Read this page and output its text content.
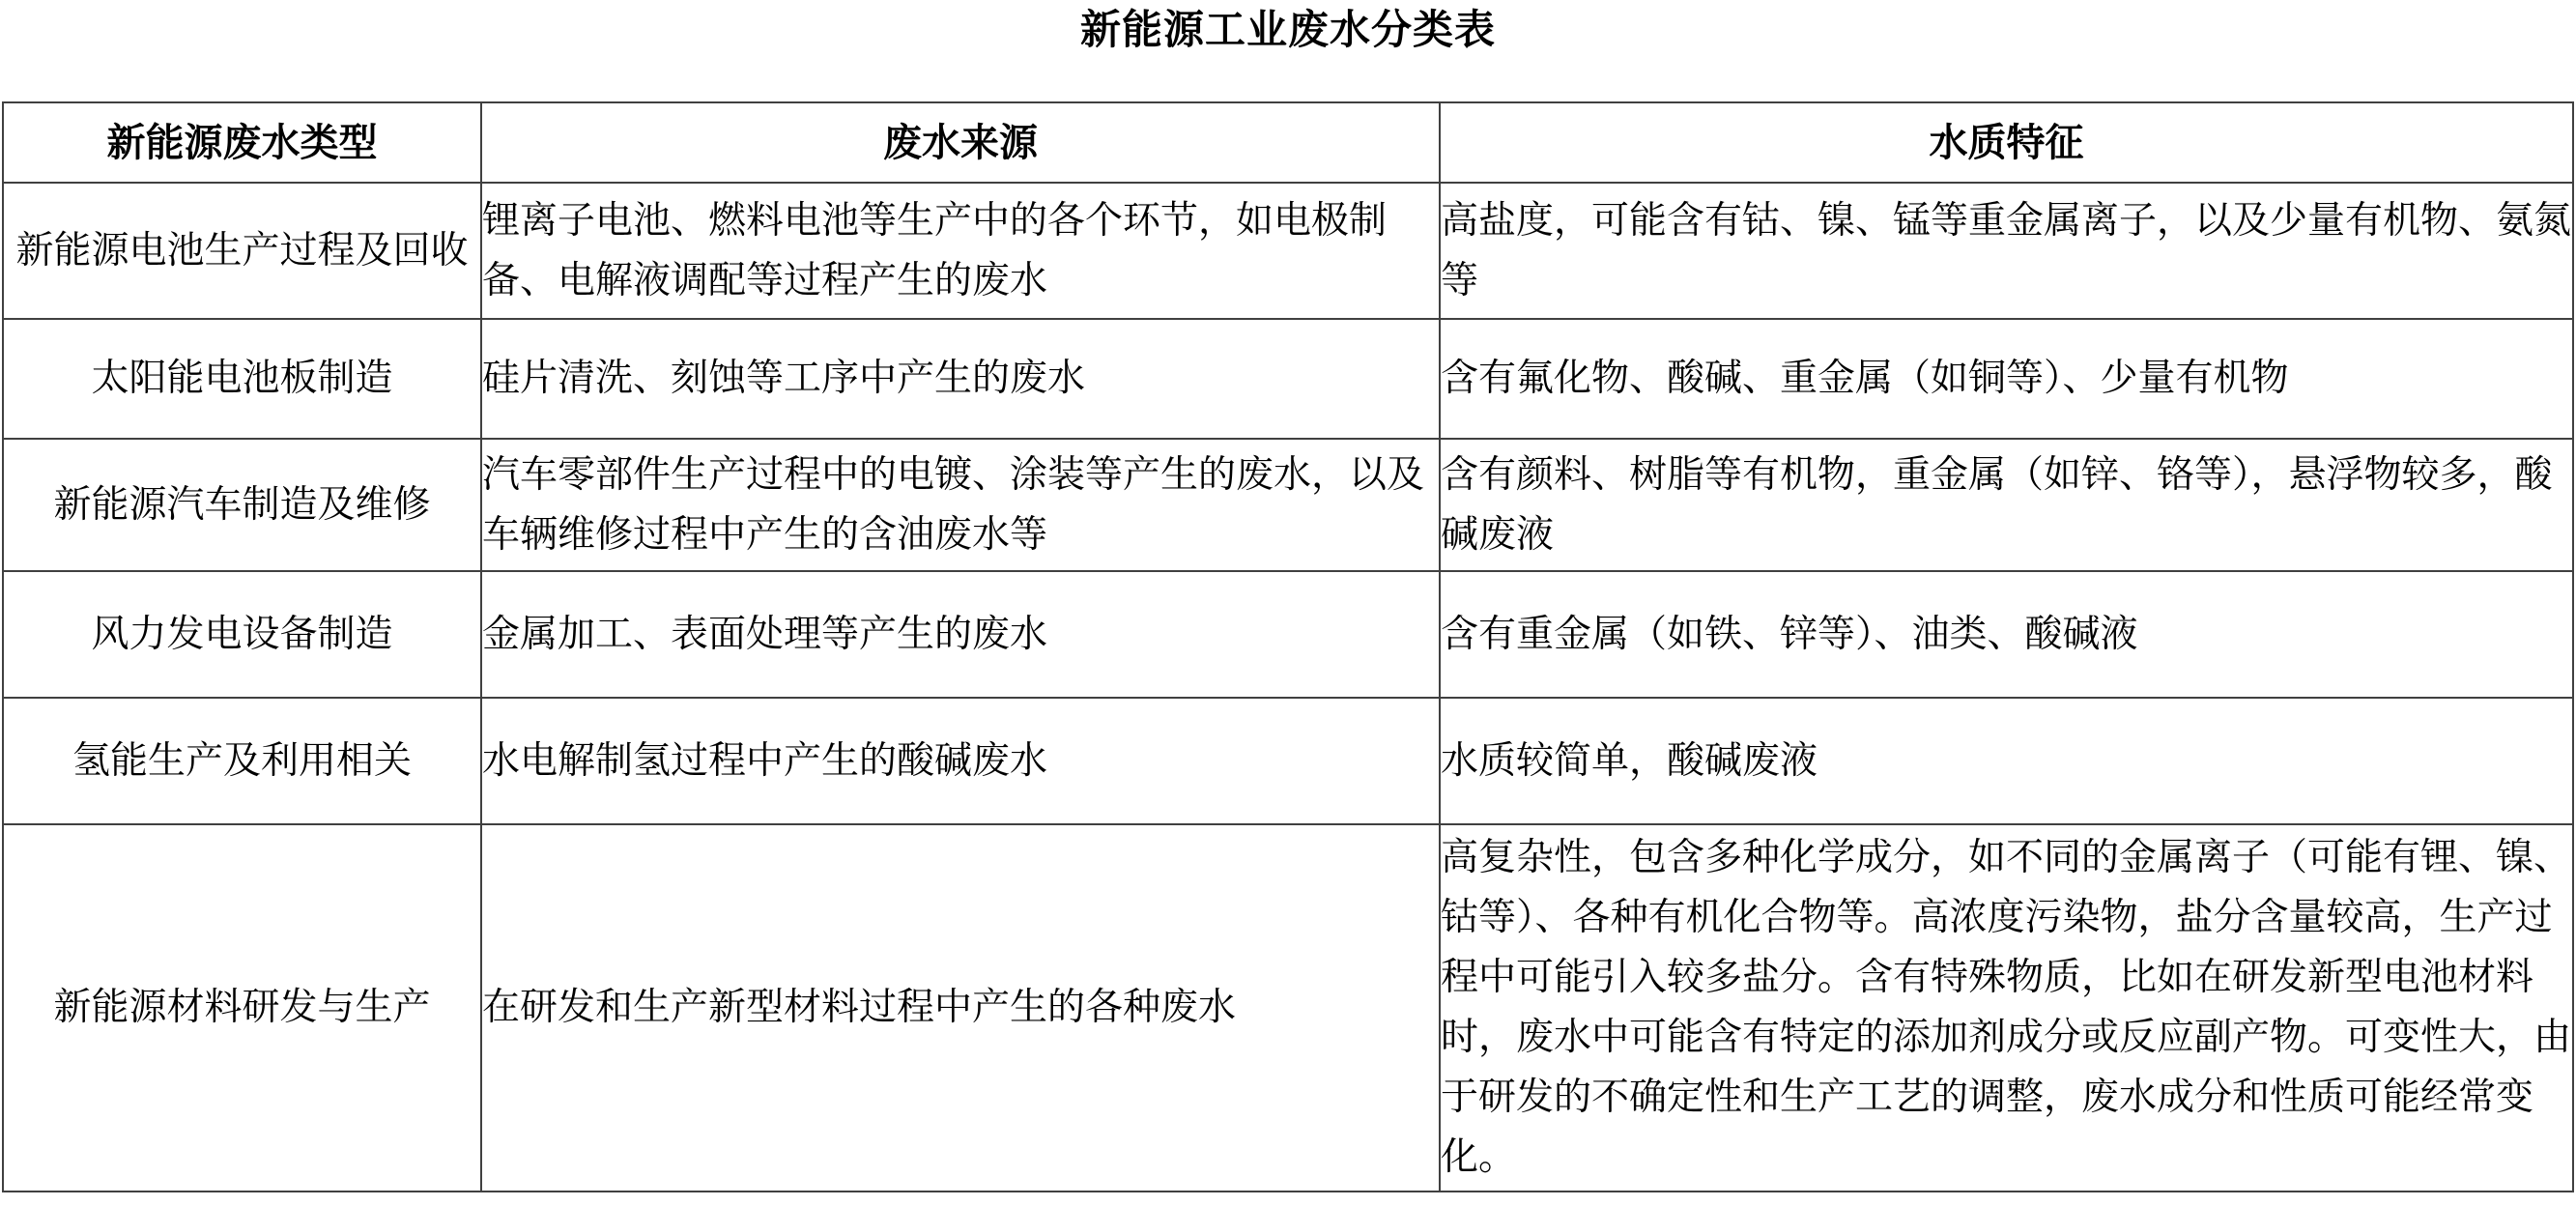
新能源工业废水分类表
新能源废水类型	废水来源	水质特征
新能源电池生产过程及回收	锂离子电池、燃料电池等生产中的各个环节，如电极制备、电解液调配等过程产生的废水	高盐度，可能含有钴、镍、锰等重金属离子，以及少量有机物、氨氮等
太阳能电池板制造	硅片清洗、刻蚀等工序中产生的废水	含有氟化物、酸碱、重金属（如铜等）、少量有机物
新能源汽车制造及维修	汽车零部件生产过程中的电镀、涂装等产生的废水，以及车辆维修过程中产生的含油废水等	含有颜料、树脂等有机物，重金属（如锌、铬等），悬浮物较多，酸碱废液
风力发电设备制造	金属加工、表面处理等产生的废水	含有重金属（如铁、锌等）、油类、酸碱液
氢能生产及利用相关	水电解制氢过程中产生的酸碱废水	水质较简单，酸碱废液
新能源材料研发与生产	在研发和生产新型材料过程中产生的各种废水	高复杂性，包含多种化学成分，如不同的金属离子（可能有锂、镍、钴等）、各种有机化合物等。高浓度污染物，盐分含量较高，生产过程中可能引入较多盐分。含有特殊物质，比如在研发新型电池材料时，废水中可能含有特定的添加剂成分或反应副产物。可变性大，由于研发的不确定性和生产工艺的调整，废水成分和性质可能经常变化。
